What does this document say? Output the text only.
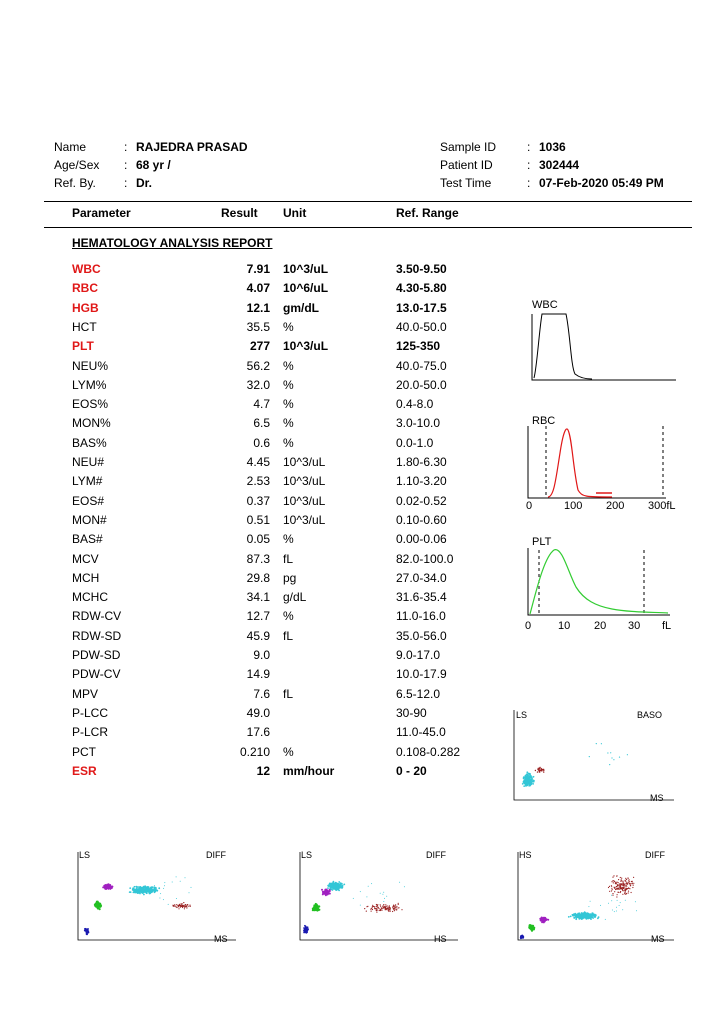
Name	: RAJEDRA PRASAD
Age/Sex : 68 yr /
Ref. By. : Dr.
Sample ID	: 1036
Patient ID	: 302444
Test Time	: 07-Feb-2020 05:49 PM
Parameter	Result Unit	Ref. Range
HEMATOLOGY ANALYSIS REPORT
WBC	7.91 10^3/uL	3.50-9.50
RBC	4.07 10^6/uL	4.30-5.80
HGB	12.1 gm/dL	13.0-17.5
HCT	35.5 %	40.0-50.0
PLT	277 10^3/uL	125-350
NEU%	56.2 %	40.0-75.0
LYM%	32.0 %	20.0-50.0
EOS%	4.7 %	0.4-8.0
MON%	6.5 %	3.0-10.0
BAS%	0.6 %	0.0-1.0
NEU#	4.45 10^3/uL	1.80-6.30
LYM#	2.53 10^3/uL	1.10-3.20
EOS#	0.37 10^3/uL	0.02-0.52
MON#	0.51 10^3/uL	0.10-0.60
BAS#	0.05 %	0.00-0.06
MCV	87.3 fL	82.0-100.0
MCH	29.8 pg	27.0-34.0
MCHC	34.1 g/dL	31.6-35.4
RDW-CV	12.7 %	11.0-16.0
RDW-SD	45.9 fL	35.0-56.0
PDW-SD	9.0	9.0-17.0
PDW-CV	14.9	10.0-17.9
MPV	7.6 fL	6.5-12.0
P-LCC	49.0	30-90
P-LCR	17.6	11.0-45.0
PCT	0.210 %	0.108-0.282
ESR	12 mm/hour	0 - 20
WBC
RBC
0	100 200 300fL
PLT
0 10 20 30 fL
LS	BASO
MS
LS	DIFF
MS
LS	DIFF
HS
HS	DIFF
MS
